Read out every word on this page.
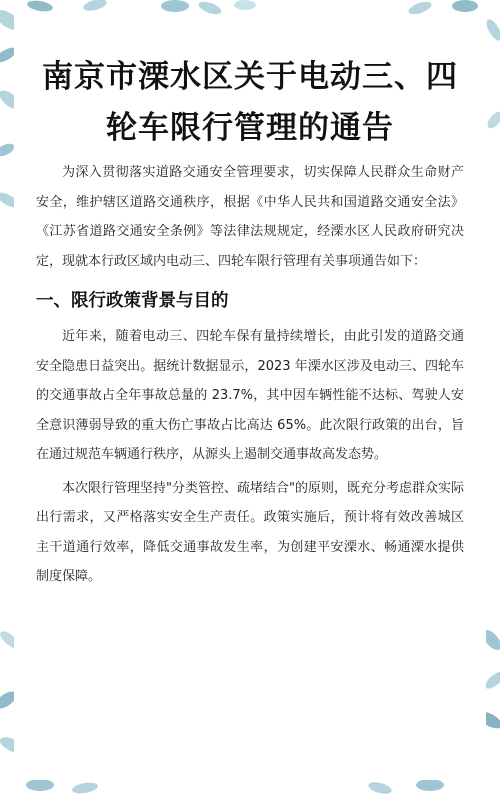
南京市溧水区关于电动三、四
轮车限行管理的通告

为深入贯彻落实道路交通安全管理要求，切实保障人民群众生命财产安全，维护辖区道路交通秩序，根据《中华人民共和国道路交通安全法》《江苏省道路交通安全条例》等法律法规规定，经溧水区人民政府研究决定，现就本行政区域内电动三、四轮车限行管理有关事项通告如下：

一、限行政策背景与目的

近年来，随着电动三、四轮车保有量持续增长，由此引发的道路交通安全隐患日益突出。据统计数据显示，2023 年溧水区涉及电动三、四轮车的交通事故占全年事故总量的 23.7%，其中因车辆性能不达标、驾驶人安全意识薄弱导致的重大伤亡事故占比高达 65%。此次限行政策的出台，旨在通过规范车辆通行秩序，从源头上遏制交通事故高发态势。

本次限行管理坚持"分类管控、疏堵结合"的原则，既充分考虑群众实际出行需求，又严格落实安全生产责任。政策实施后，预计将有效改善城区主干道通行效率，降低交通事故发生率，为创建平安溧水、畅通溧水提供制度保障。
